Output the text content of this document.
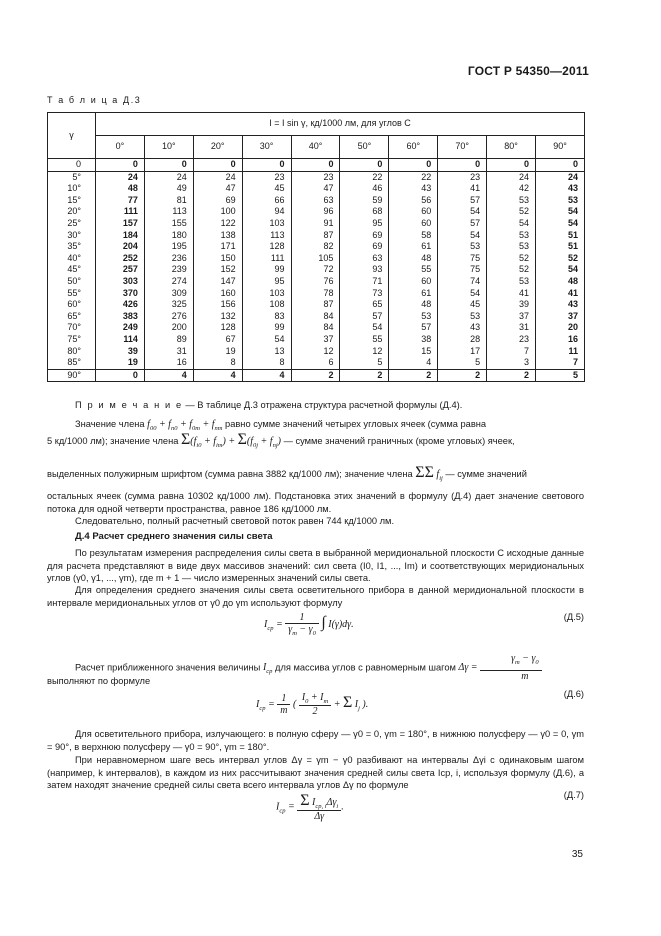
ГОСТ Р 54350—2011
Т а б л и ц а Д.3
γ	I = I sin γ, кд/1000 лм, для углов C									
	0°	10°	20°	30°	40°	50°	60°	70°	80°	90°
0	0	0	0	0	0	0	0	0	0	0
5°	24	24	24	23	23	22	22	23	24	24
10°	48	49	47	45	47	46	43	41	42	43
15°	77	81	69	66	63	59	56	57	53	53
20°	111	113	100	94	96	68	60	54	52	54
25°	157	155	122	103	91	95	60	57	54	54
30°	184	180	138	113	87	69	58	54	53	51
35°	204	195	171	128	82	69	61	53	53	51
40°	252	236	150	111	105	63	48	75	52	52
45°	257	239	152	99	72	93	55	75	52	54
50°	303	274	147	95	76	71	60	74	53	48
55°	370	309	160	103	78	73	61	54	41	41
60°	426	325	156	108	87	65	48	45	39	43
65°	383	276	132	83	84	57	53	53	37	37
70°	249	200	128	99	84	54	57	43	31	20
75°	114	89	67	54	37	55	38	28	23	16
80°	39	31	19	13	12	12	15	17	7	11
85°	19	16	8	8	6	5	4	5	3	7
90°	0	4	4	4	2	2	2	2	2	5
П р и м е ч а н и е — В таблице Д.3 отражена структура расчетной формулы (Д.4).
Значение члена $f_{00} + f_{n0} + f_{0m} + f_{nm}$ равно сумме значений четырех угловых ячеек (сумма равна
5 кд/1000 лм); значение члена $\Sigma(f_{i0} + f_{im}) + \Sigma(f_{0j} + f_{nj})$ — сумме значений граничных (кроме угловых) ячеек,
выделенных полужирным шрифтом (сумма равна 3882 кд/1000 лм); значение члена ΣΣ $f_{ij}$ — сумме значений
остальных ячеек (сумма равна 10302 кд/1000 лм). Подстановка этих значений в формулу (Д.4) дает значение светового потока для одной четверти пространства, равное 186 кд/1000 лм.
Следовательно, полный расчетный световой поток равен 744 кд/1000 лм.
Д.4 Расчет среднего значения силы света
По результатам измерения распределения силы света в выбранной меридиональной плоскости C исходные данные для расчета представляют в виде двух массивов значений: сил света (I0, I1, ..., Im) и соответствующих меридиональных углов (γ0, γ1, ..., γm), где m + 1 — число измеренных значений силы света.
Для определения среднего значения силы света осветительного прибора в данной меридиональной плоскости в интервале меридиональных углов от γ0 до γm используют формулу
$I_{ср} = \frac{1}{\gamma_m - \gamma_0}$ ∫ I(γ)dγ.
(Д.5)
Расчет приближенного значения величины $I_{ср}$ для массива углов с равномерным шагом $\Delta\gamma = \frac{\gamma_m - \gamma_0}{m}$
выполняют по формуле
$I_{ср} = \frac{1}{m}$ ( $\frac{I_0 + I_m}{2} + \Sigma$ $I_j$ ).
(Д.6)
Для осветительного прибора, излучающего: в полную сферу — γ0 = 0, γm = 180°, в нижнюю полусферу — γ0 = 0, γm = 90°, в верхнюю полусферу — γ0 = 90°, γm = 180°.
При неравномерном шаге весь интервал углов Δγ = γm − γ0 разбивают на интервалы Δγi с одинаковым шагом (например, k интервалов), в каждом из них рассчитывают значения средней силы света Icp, i, используя формулу (Д.6), а затем находят значение средней силы света всего интервала углов Δγ по формуле
$I_{ср} = \frac{\Sigma I_{ср, i}\Delta\gamma_i}{\Delta\gamma}$ .
(Д.7)
35
